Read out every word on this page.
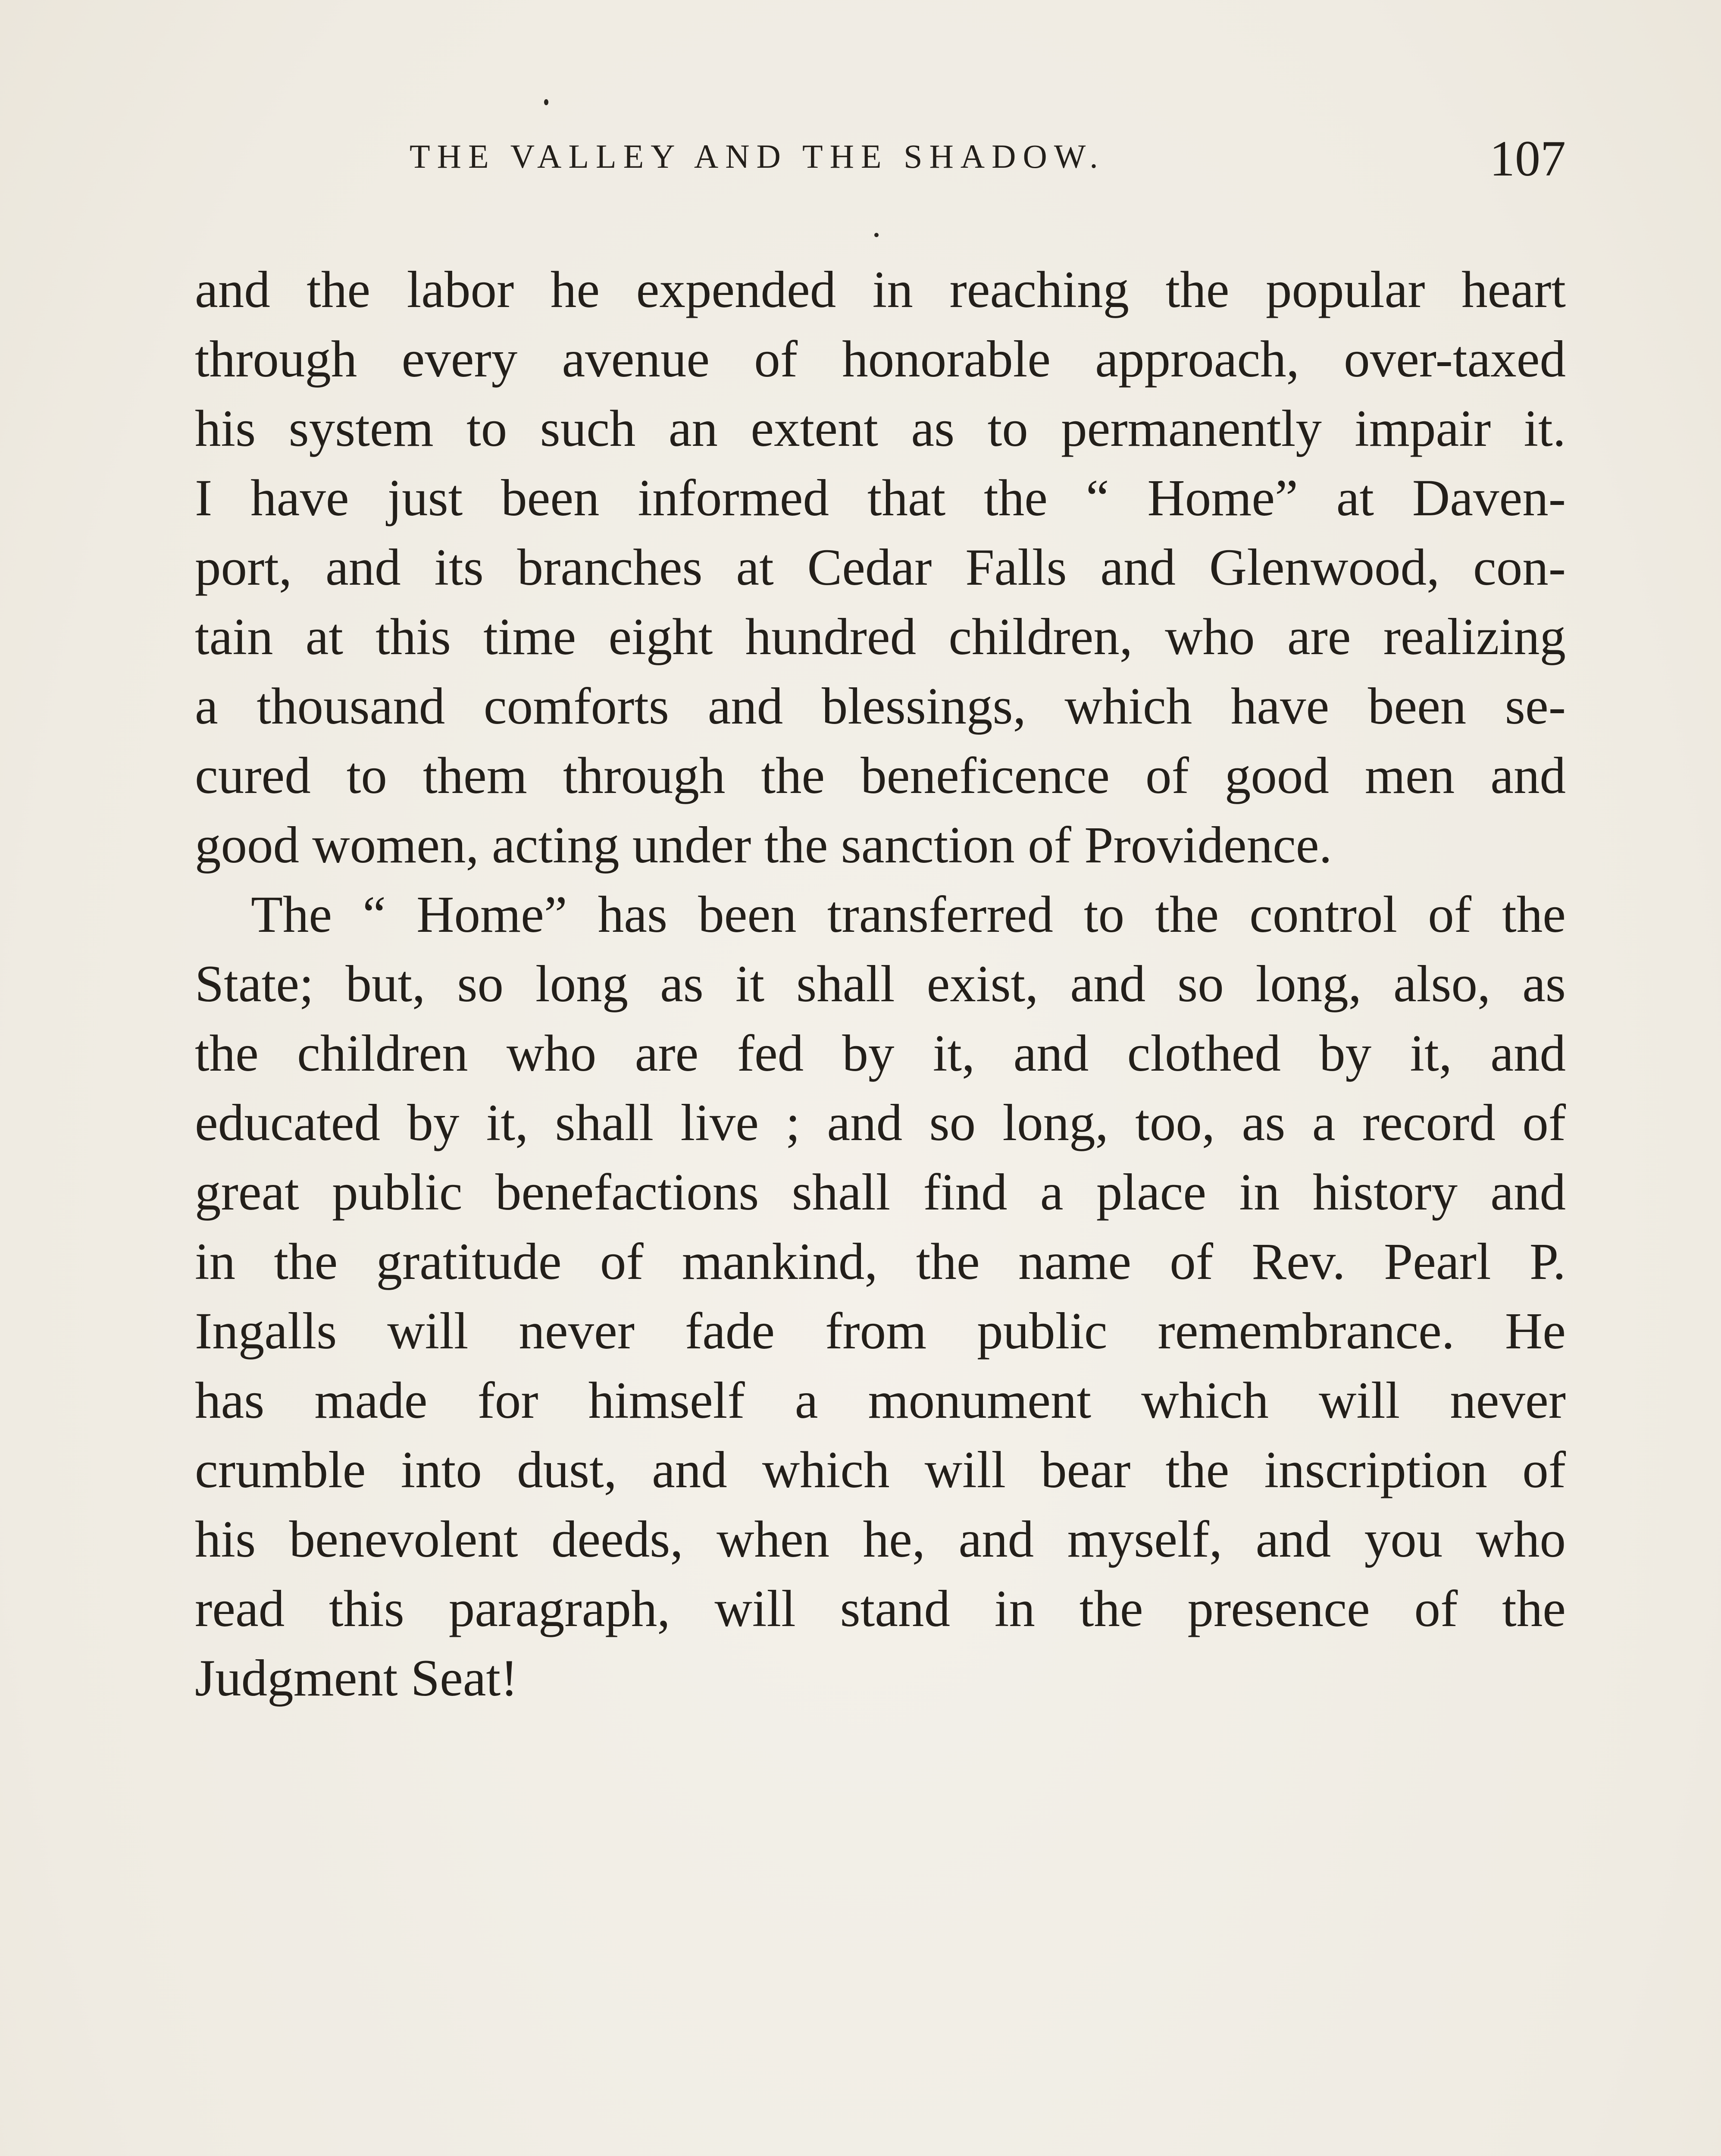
THE VALLEY AND THE SHADOW.	107
and the labor he expended in reaching the popular heart
through every avenue of honorable approach, over-taxed
his system to such an extent as to permanently impair it.
I have just been informed that the “ Home” at Daven-
port, and its branches at Cedar Falls and Glenwood, con-
tain at this time eight hundred children, who are realizing
a thousand comforts and blessings, which have been se-
cured to them through the beneficence of good men and
good women, acting under the sanction of Providence.
The “ Home” has been transferred to the control of the
State; but, so long as it shall exist, and so long, also, as
the children who are fed by it, and clothed by it, and
educated by it, shall live ; and so long, too, as a record of
great public benefactions shall find a place in history and
in the gratitude of mankind, the name of Rev. Pearl P.
Ingalls will never fade from public remembrance. He
has made for himself a monument which will never
crumble into dust, and which will bear the inscription of
his benevolent deeds, when he, and myself, and you who
read this paragraph, will stand in the presence of the
Judgment Seat!
